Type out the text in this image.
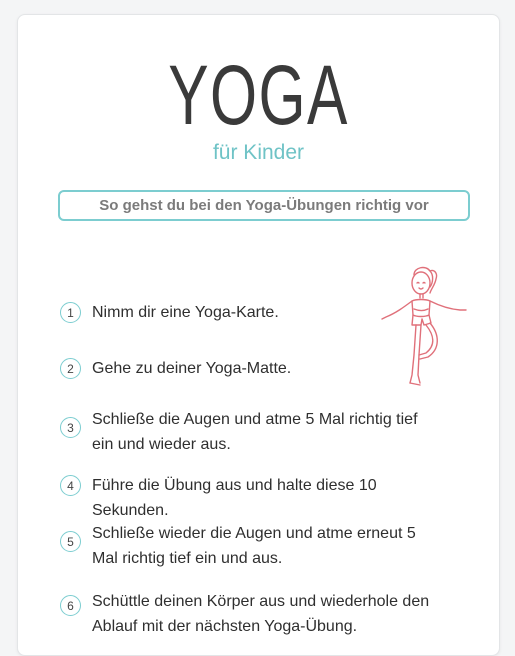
YOGA
für Kinder
So gehst du bei den Yoga-Übungen richtig vor
1	Nimm dir eine Yoga-Karte.
2	Gehe zu deiner Yoga-Matte.
3	Schließe die Augen und atme 5 Mal richtig tief ein und wieder aus.
4	Führe die Übung aus und halte diese 10 Sekunden.
5	Schließe wieder die Augen und atme erneut 5 Mal richtig tief ein und aus.
6	Schüttle deinen Körper aus und wiederhole den Ablauf mit der nächsten Yoga-Übung.
